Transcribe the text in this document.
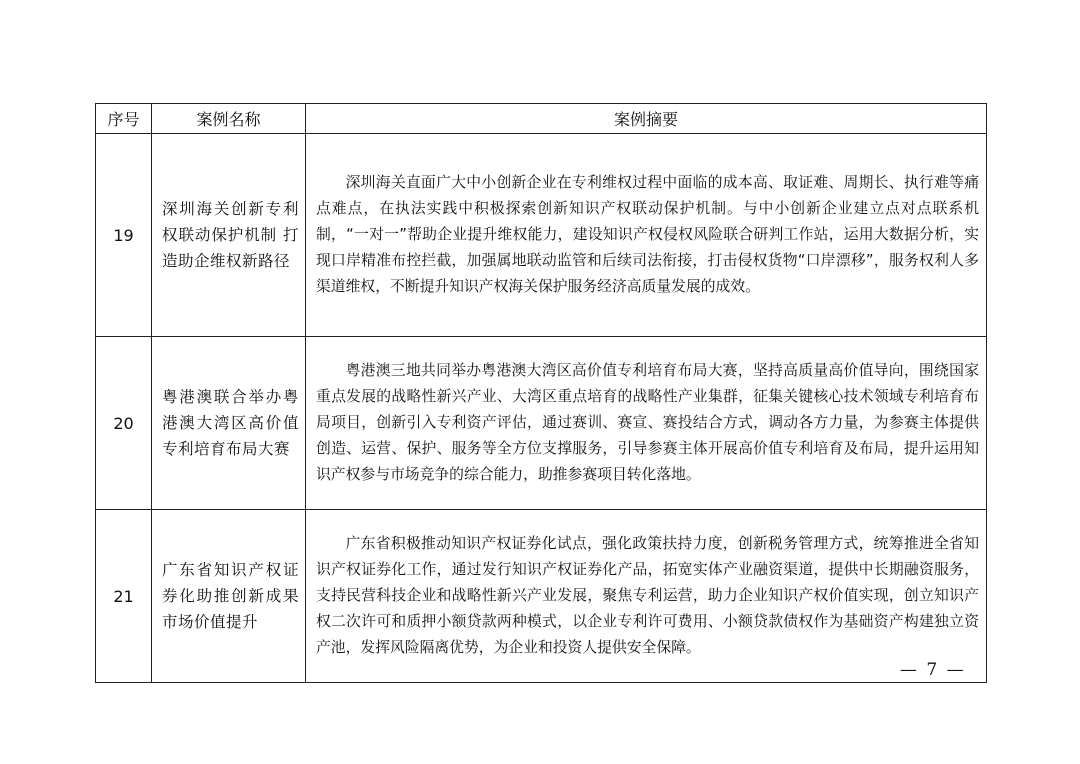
序号	案例名称	案例摘要
19	深圳海关创新专利权联动保护机制 打造助企维权新路径	深圳海关直面广大中小创新企业在专利维权过程中面临的成本高、取证难、周期长、执行难等痛点难点，在执法实践中积极探索创新知识产权联动保护机制。与中小创新企业建立点对点联系机制，“一对一”帮助企业提升维权能力，建设知识产权侵权风险联合研判工作站，运用大数据分析，实现口岸精准布控拦截，加强属地联动监管和后续司法衔接，打击侵权货物“口岸漂移”，服务权利人多渠道维权，不断提升知识产权海关保护服务经济高质量发展的成效。
20	粤港澳联合举办粤港澳大湾区高价值专利培育布局大赛	粤港澳三地共同举办粤港澳大湾区高价值专利培育布局大赛，坚持高质量高价值导向，围绕国家重点发展的战略性新兴产业、大湾区重点培育的战略性产业集群，征集关键核心技术领域专利培育布局项目，创新引入专利资产评估，通过赛训、赛宣、赛投结合方式，调动各方力量，为参赛主体提供创造、运营、保护、服务等全方位支撑服务，引导参赛主体开展高价值专利培育及布局，提升运用知识产权参与市场竞争的综合能力，助推参赛项目转化落地。
21	广东省知识产权证券化助推创新成果市场价值提升	广东省积极推动知识产权证券化试点，强化政策扶持力度，创新税务管理方式，统筹推进全省知识产权证券化工作，通过发行知识产权证券化产品，拓宽实体产业融资渠道，提供中长期融资服务，支持民营科技企业和战略性新兴产业发展，聚焦专利运营，助力企业知识产权价值实现，创立知识产权二次许可和质押小额贷款两种模式，以企业专利许可费用、小额贷款债权作为基础资产构建独立资产池，发挥风险隔离优势，为企业和投资人提供安全保障。
— 7 —
